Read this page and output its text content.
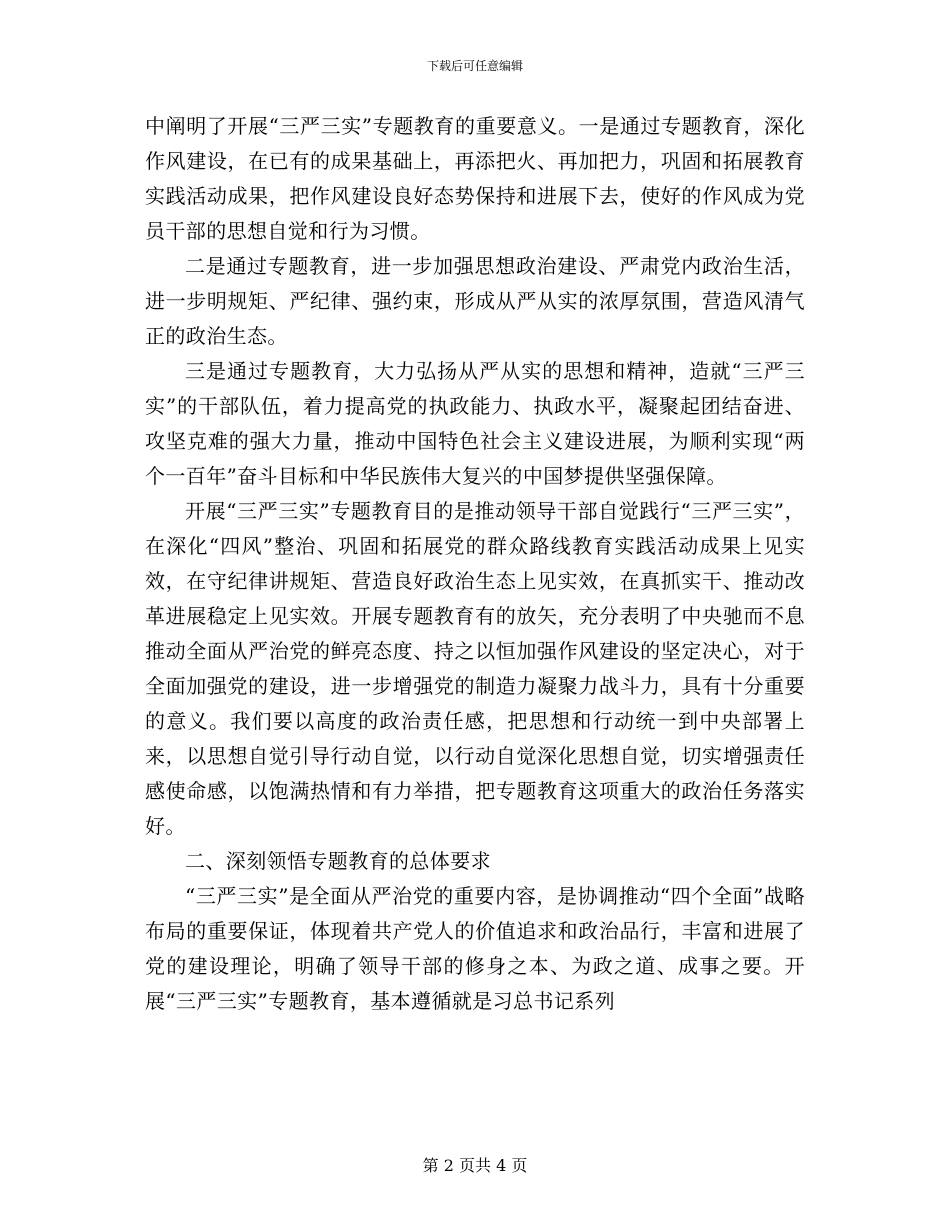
下载后可任意编辑

中阐明了开展“三严三实”专题教育的重要意义。一是通过专题教育，深化作风建设，在已有的成果基础上，再添把火、再加把力，巩固和拓展教育实践活动成果，把作风建设良好态势保持和进展下去，使好的作风成为党员干部的思想自觉和行为习惯。

二是通过专题教育，进一步加强思想政治建设、严肃党内政治生活，进一步明规矩、严纪律、强约束，形成从严从实的浓厚氛围，营造风清气正的政治生态。

三是通过专题教育，大力弘扬从严从实的思想和精神，造就“三严三实”的干部队伍，着力提高党的执政能力、执政水平，凝聚起团结奋进、攻坚克难的强大力量，推动中国特色社会主义建设进展，为顺利实现“两个一百年”奋斗目标和中华民族伟大复兴的中国梦提供坚强保障。

开展“三严三实”专题教育目的是推动领导干部自觉践行“三严三实”，在深化“四风”整治、巩固和拓展党的群众路线教育实践活动成果上见实效，在守纪律讲规矩、营造良好政治生态上见实效，在真抓实干、推动改革进展稳定上见实效。开展专题教育有的放矢，充分表明了中央驰而不息推动全面从严治党的鲜亮态度、持之以恒加强作风建设的坚定决心，对于全面加强党的建设，进一步增强党的制造力凝聚力战斗力，具有十分重要的意义。我们要以高度的政治责任感，把思想和行动统一到中央部署上来，以思想自觉引导行动自觉，以行动自觉深化思想自觉，切实增强责任感使命感，以饱满热情和有力举措，把专题教育这项重大的政治任务落实好。

二、深刻领悟专题教育的总体要求

“三严三实”是全面从严治党的重要内容，是协调推动“四个全面”战略布局的重要保证，体现着共产党人的价值追求和政治品行，丰富和进展了党的建设理论，明确了领导干部的修身之本、为政之道、成事之要。开展“三严三实”专题教育，基本遵循就是习总书记系列

第 2 页共 4 页
